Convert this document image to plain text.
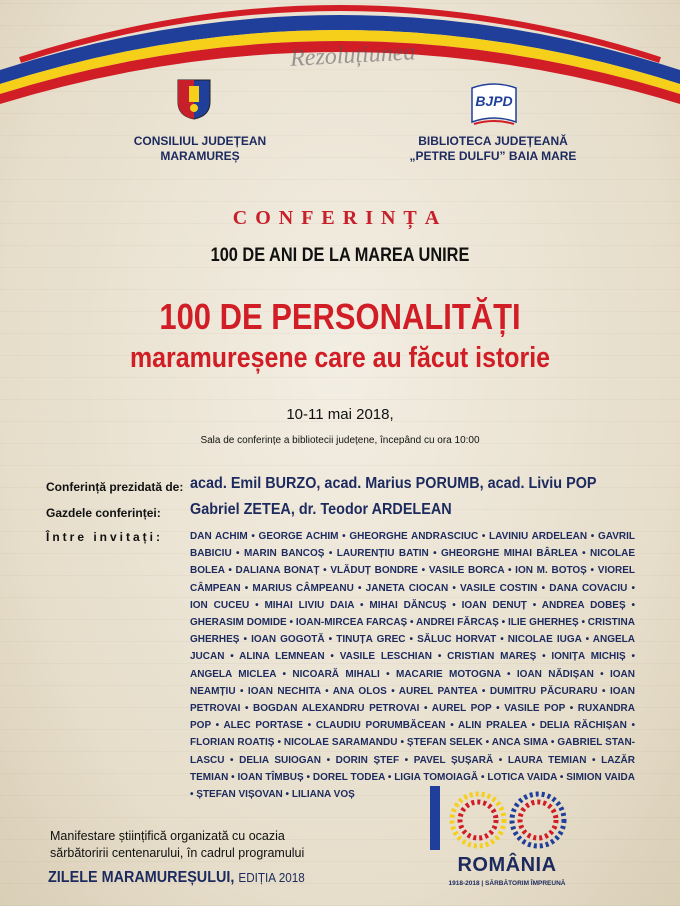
Rezoluțiunea
BJPD
CONSILIUL JUDEȚEAN
MARAMUREȘ
BIBLIOTECA JUDEȚEANĂ
„PETRE DULFU” BAIA MARE
CONFERINȚA
100 DE ANI DE LA MAREA UNIRE
100 DE PERSONALITĂȚI
maramureșene care au făcut istorie
10-11 mai 2018,
Sala de conferințe a bibliotecii județene, începând cu ora 10:00
Conferință prezidată de: acad. Emil BURZO, acad. Marius PORUMB, acad. Liviu POP
Gazdele conferinței: Gabriel ZETEA, dr. Teodor ARDELEAN
Între invitați:	DAN ACHIM • GEORGE ACHIM • GHEORGHE ANDRASCIUC • LAVINIU ARDELEAN • GAVRIL BABICIU • MARIN BANCOȘ • LAURENȚIU BATIN • GHEORGHE MIHAI BÂRLEA • NICOLAE BOLEA • DALIANA BONAȚ • VLĂDUȚ BONDRE • VASILE BORCA • ION M. BOTOȘ • VIOREL CÂMPEAN • MARIUS CÂMPEANU • JANETA CIOCAN • VASILE COSTIN • DANA COVACIU • ION CUCEU • MIHAI LIVIU DAIA • MIHAI DĂNCUȘ • IOAN DENUȚ • ANDREA DOBEȘ • GHERASIM DOMIDE • IOAN-MIRCEA FARCAȘ • ANDREI FĂRCAȘ • ILIE GHERHEȘ • CRISTINA GHERHEȘ • IOAN GOGOTĂ • TINUȚA GREC • SĂLUC HORVAT • NICOLAE IUGA • ANGELA JUCAN • ALINA LEMNEAN • VASILE LESCHIAN • CRISTIAN MAREȘ • IONIȚA MICHIȘ • ANGELA MICLEA • NICOARĂ MIHALI • MACARIE MOTOGNA • IOAN NĂDIȘAN • IOAN NEAMȚIU • IOAN NECHITA • ANA OLOS • AUREL PANTEA • DUMITRU PĂCURARU • IOAN PETROVAI • BOGDAN ALEXANDRU PETROVAI • AUREL POP • VASILE POP • RUXANDRA POP • ALEC PORTASE • CLAUDIU PORUMBĂCEAN • ALIN PRALEA • DELIA RĂCHIȘAN • FLORIAN ROATIȘ • NICOLAE SARAMANDU • ȘTEFAN SELEK • ANCA SIMA • GABRIEL STAN-LASCU • DELIA SUIOGAN • DORIN ȘTEF • PAVEL ȘUȘARĂ • LAURA TEMIAN • LAZĂR TEMIAN • IOAN TÎMBUȘ • DOREL TODEA • LIGIA TOMOIAGĂ • LOTICA VAIDA • SIMION VAIDA • ȘTEFAN VIȘOVAN • LILIANA VOȘ
Manifestare științifică organizată cu ocazia
sărbătoririi centenarului, în cadrul programului
ZILELE MARAMUREȘULUI, EDIȚIA 2018
ROMÂNIA
1918-2018 | SĂRBĂTORIM ÎMPREUNĂ
